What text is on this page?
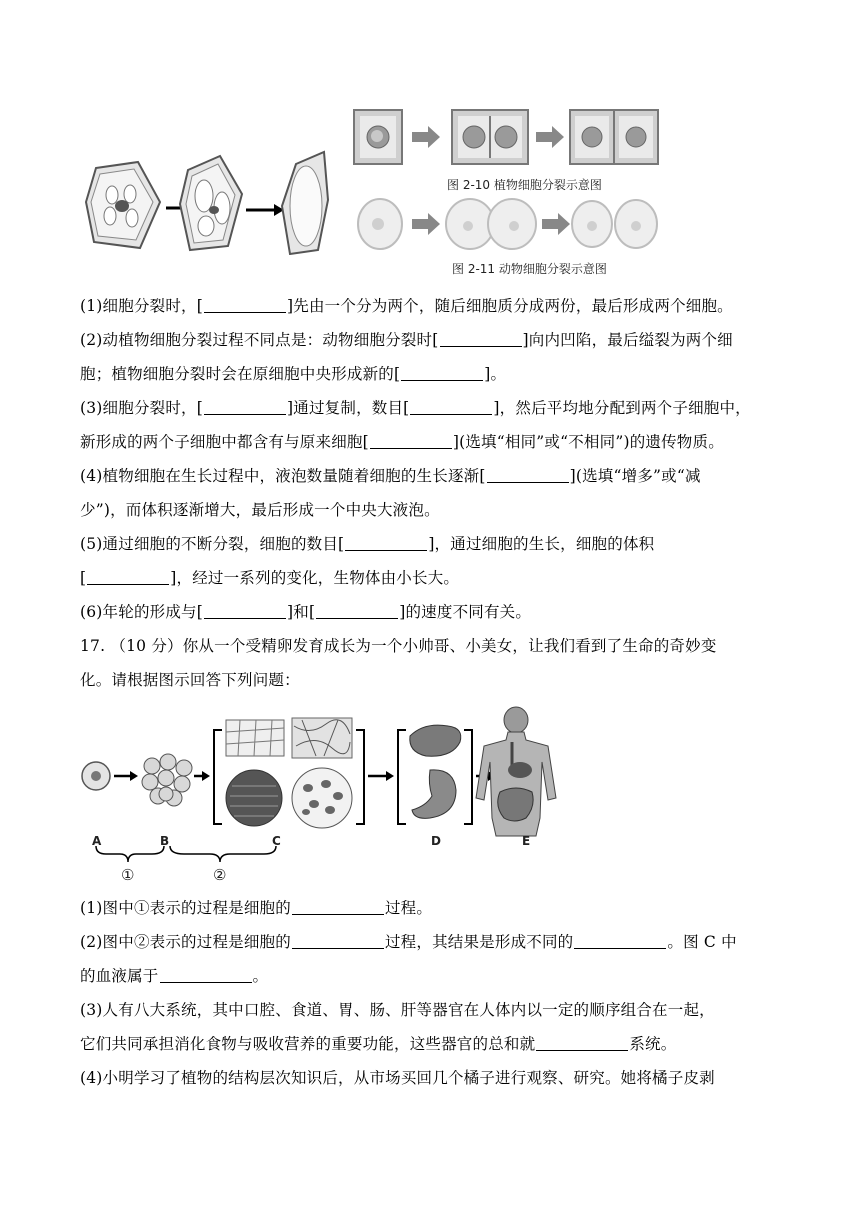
图 2-10 植物细胞分裂示意图
图 2-11 动物细胞分裂示意图
(1)细胞分裂时，[	]先由一个分为两个，随后细胞质分成两份，最后形成两个细胞。
(2)动植物细胞分裂过程不同点是：动物细胞分裂时[	]向内凹陷，最后缢裂为两个细
胞；植物细胞分裂时会在原细胞中央形成新的[	]。
(3)细胞分裂时，[	]通过复制，数目[	]，然后平均地分配到两个子细胞中，
新形成的两个子细胞中都含有与原来细胞[	](选填“相同”或“不相同”)的遗传物质。
(4)植物细胞在生长过程中，液泡数量随着细胞的生长逐渐[	](选填“增多”或“减
少”)，而体积逐渐增大，最后形成一个中央大液泡。
(5)通过细胞的不断分裂，细胞的数目[	]，通过细胞的生长，细胞的体积
[	]，经过一系列的变化，生物体由小长大。
(6)年轮的形成与[	]和[	]的速度不同有关。
17. （10 分）你从一个受精卵发育成长为一个小帅哥、小美女，让我们看到了生命的奇妙变
化。请根据图示回答下列问题：
A	B	C	D	E
①	②
(1)图中①表示的过程是细胞的	过程。
(2)图中②表示的过程是细胞的	过程，其结果是形成不同的	。图 C 中
的血液属于	。
(3)人有八大系统，其中口腔、食道、胃、肠、肝等器官在人体内以一定的顺序组合在一起，
它们共同承担消化食物与吸收营养的重要功能，这些器官的总和就	系统。
(4)小明学习了植物的结构层次知识后，从市场买回几个橘子进行观察、研究。她将橘子皮剥
